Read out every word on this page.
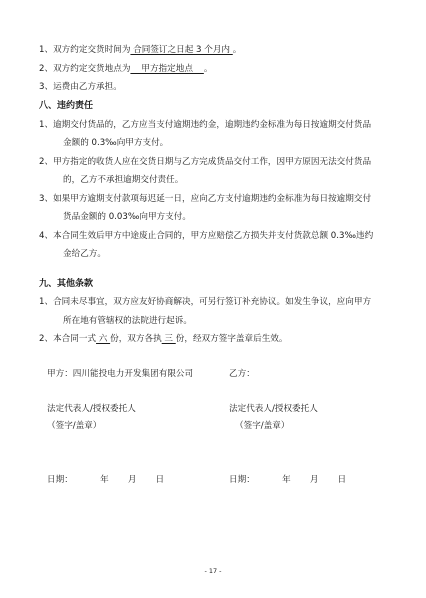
1、双方约定交货时间为 合同签订之日起 3 个月内 。
2、双方约定交货地点为    甲方指定地点    。
3、运费由乙方承担。
八、违约责任
1、逾期交付货品的，乙方应当支付逾期违约金，逾期违约金标准为每日按逾期交付货品
金额的 0.3‰向甲方支付。
2、甲方指定的收货人应在交货日期与乙方完成货品交付工作，因甲方原因无法交付货品
的，乙方不承担逾期交付责任。
3、如果甲方逾期支付款项每迟延一日，应向乙方支付逾期违约金标准为每日按逾期交付
货品金额的 0.03‰向甲方支付。
4、本合同生效后甲方中途废止合同的，甲方应赔偿乙方损失并支付货款总额 0.3‰违约
金给乙方。
九、其他条款
1、合同未尽事宜，双方应友好协商解决，可另行签订补充协议。如发生争议，应向甲方
所在地有管辖权的法院进行起诉。
2、本合同一式 六 份，双方各执 三 份，经双方签字盖章后生效。
甲方：四川能投电力开发集团有限公司	乙方：
法定代表人/授权委托人	法定代表人/授权委托人
（签字/盖章）	（签字/盖章）
日期：          年       月       日	日期：          年       月       日
- 17 -
